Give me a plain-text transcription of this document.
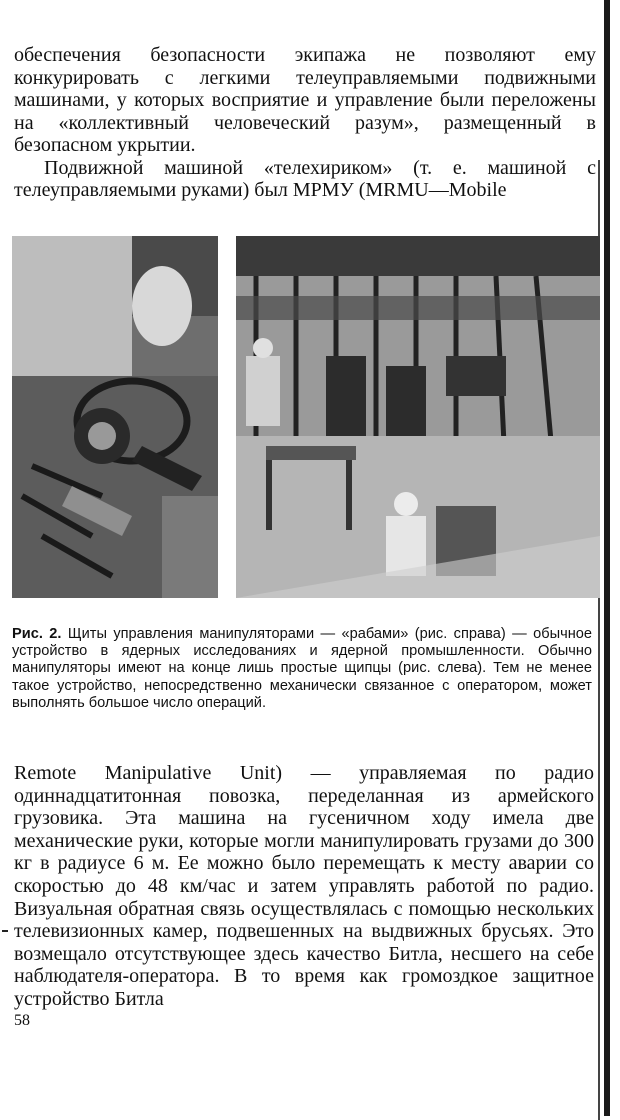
обеспечения безопасности экипажа не позволяют ему конкурировать с легкими телеуправляемыми подвижными машинами, у которых восприятие и управление были переложены на «коллективный человеческий разум», размещенный в безопасном укрытии.

Подвижной машиной «телехириком» (т. е. машиной с телеуправляемыми руками) был МРМУ (MRMU—Mobile

Рис. 2. Щиты управления манипуляторами — «рабами» (рис. справа) — обычное устройство в ядерных исследованиях и ядерной промышленности. Обычно манипуляторы имеют на конце лишь простые щипцы (рис. слева). Тем не менее такое устройство, непосредственно механически связанное с оператором, может выполнять большое число операций.

Remote Manipulative Unit) — управляемая по радио одиннадцатитонная повозка, переделанная из армейского грузовика. Эта машина на гусеничном ходу имела две механические руки, которые могли манипулировать грузами до 300 кг в радиусе 6 м. Ее можно было перемещать к месту аварии со скоростью до 48 км/час и затем управлять работой по радио. Визуальная обратная связь осуществлялась с помощью нескольких телевизионных камер, подвешенных на выдвижных брусьях. Это возмещало отсутствующее здесь качество Битла, несшего на себе наблюдателя-оператора. В то время как громоздкое защитное устройство Битла

58
